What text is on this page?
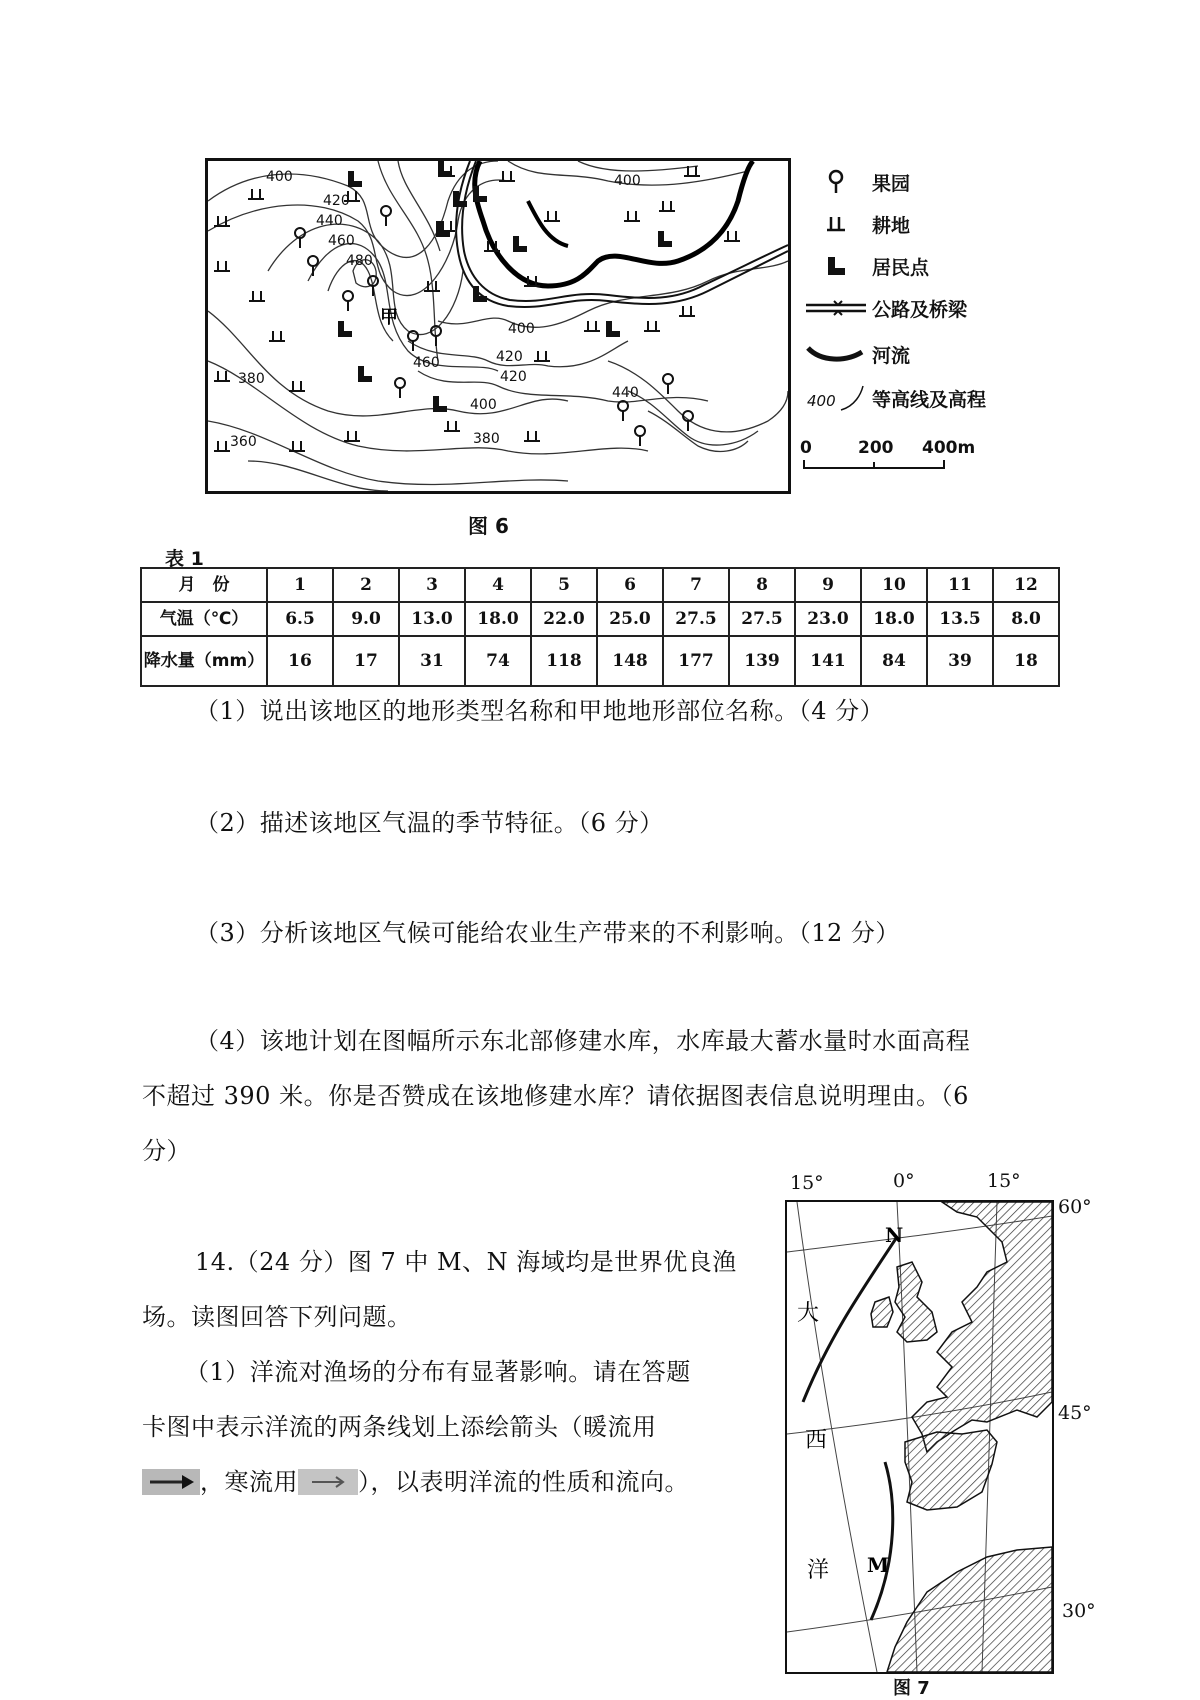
400
420
440
460
480
420
400
420
460
400
400
380
360
380
440
甲
果园
耕地
居民点
公路及桥梁
河流
400 等高线及高程
0	200 400m
图 6
表 1
月　份	1	2	3	4	5	6	7	8	9	10	11	12
气温（℃）	6.5	9.0	13.0	18.0	22.0	25.0	27.5	27.5	23.0	18.0	13.5	8.0
降水量（mm）	16	17	31	74	118	148	177	139	141	84	39	18
（1）说出该地区的地形类型名称和甲地地形部位名称。（4 分）
（2）描述该地区气温的季节特征。（6 分）
（3）分析该地区气候可能给农业生产带来的不利影响。（12 分）
（4）该地计划在图幅所示东北部修建水库，水库最大蓄水量时水面高程
不超过 390 米。你是否赞成在该地修建水库？请依据图表信息说明理由。（6
分）
14.（24 分）图 7 中 M、N 海域均是世界优良渔
场。读图回答下列问题。
（1）洋流对渔场的分布有显著影响。请在答题
卡图中表示洋流的两条线划上添绘箭头（暖流用
，寒流用	），以表明洋流的性质和流向。
15°	0°	15°
60°
45°
30°
N
M
大
西
洋
图 7
